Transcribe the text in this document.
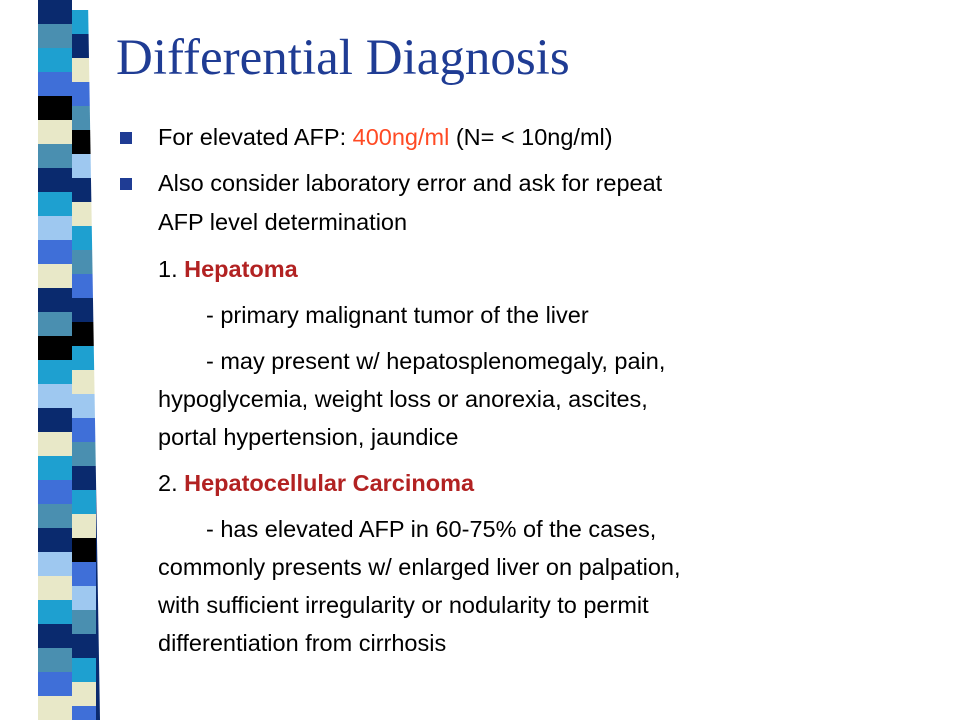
Differential Diagnosis
For elevated AFP: 400ng/ml (N= < 10ng/ml)
Also consider laboratory error and ask for repeat
AFP level determination
1. Hepatoma
- primary malignant tumor of the liver
- may present w/ hepatosplenomegaly, pain,
hypoglycemia, weight loss or anorexia, ascites,
portal hypertension, jaundice
2. Hepatocellular Carcinoma
- has elevated AFP in 60-75% of the cases,
commonly presents w/ enlarged liver on palpation,
with sufficient irregularity or nodularity to permit
differentiation from cirrhosis
